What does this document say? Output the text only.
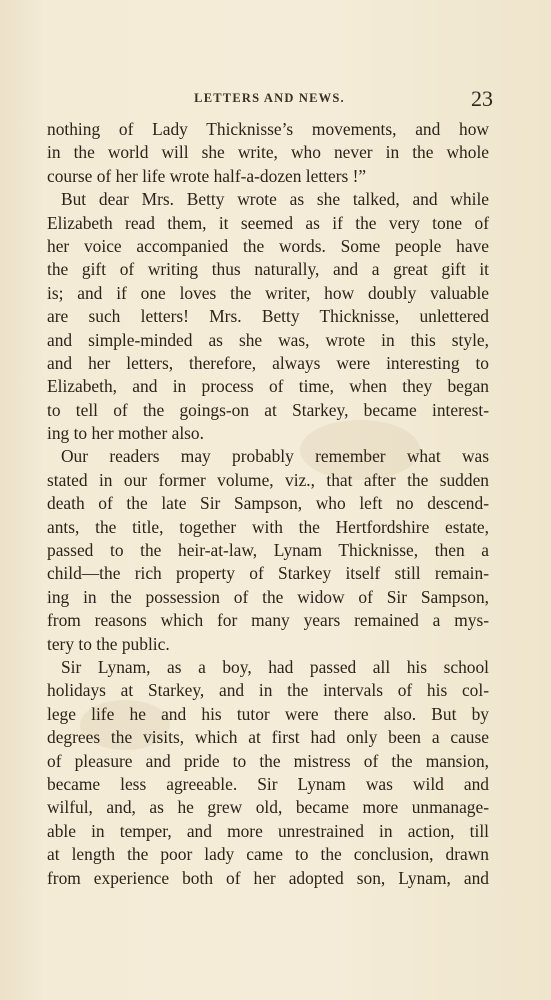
LETTERS AND NEWS.	23
nothing of Lady Thicknisse’s movements, and how
in the world will she write, who never in the whole
course of her life wrote half-a-dozen letters !”
But dear Mrs. Betty wrote as she talked, and while
Elizabeth read them, it seemed as if the very tone of
her voice accompanied the words. Some people have
the gift of writing thus naturally, and a great gift it
is; and if one loves the writer, how doubly valuable
are such letters! Mrs. Betty Thicknisse, unlettered
and simple-minded as she was, wrote in this style,
and her letters, therefore, always were interesting to
Elizabeth, and in process of time, when they began
to tell of the goings-on at Starkey, became interest-
ing to her mother also.
Our readers may probably remember what was
stated in our former volume, viz., that after the sudden
death of the late Sir Sampson, who left no descend-
ants, the title, together with the Hertfordshire estate,
passed to the heir-at-law, Lynam Thicknisse, then a
child—the rich property of Starkey itself still remain-
ing in the possession of the widow of Sir Sampson,
from reasons which for many years remained a mys-
tery to the public.
Sir Lynam, as a boy, had passed all his school
holidays at Starkey, and in the intervals of his col-
lege life he and his tutor were there also. But by
degrees the visits, which at first had only been a cause
of pleasure and pride to the mistress of the mansion,
became less agreeable. Sir Lynam was wild and
wilful, and, as he grew old, became more unmanage-
able in temper, and more unrestrained in action, till
at length the poor lady came to the conclusion, drawn
from experience both of her adopted son, Lynam, and
